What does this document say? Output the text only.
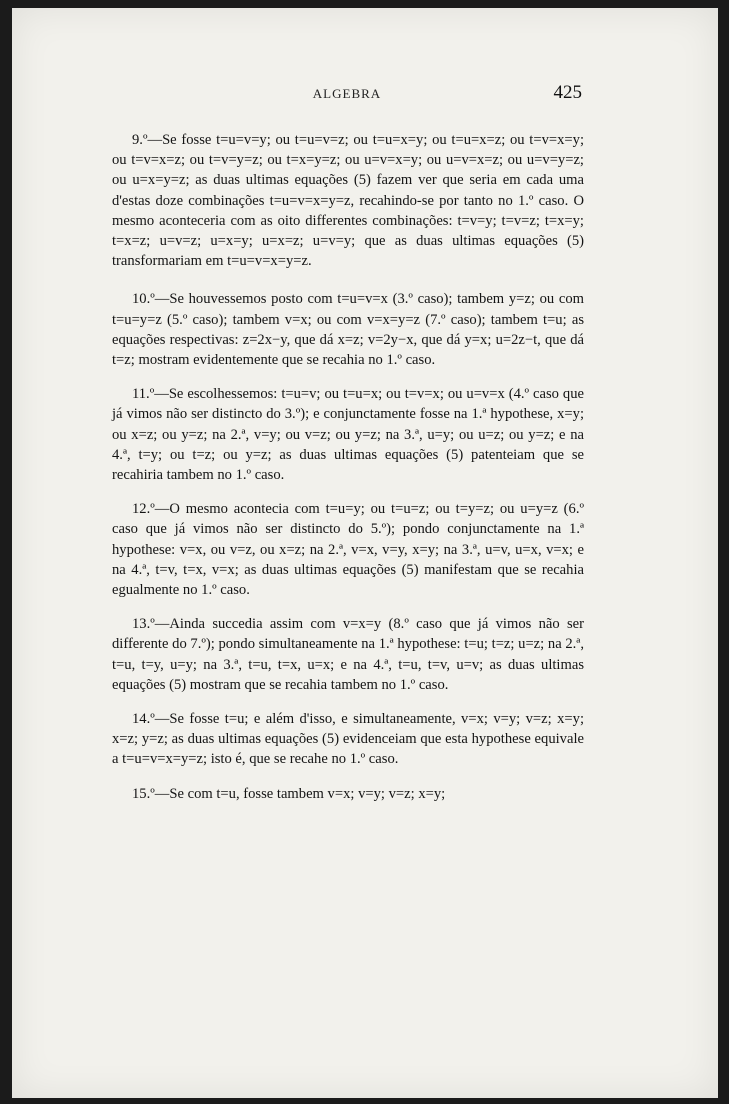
ALGEBRA	425

9.º—Se fosse t=u=v=y; ou t=u=v=z; ou t=u=x=y; ou t=u=x=z; ou t=v=x=y; ou t=v=x=z; ou t=v=y=z; ou t=x=y=z; ou u=v=x=y; ou u=v=x=z; ou u=v=y=z; ou u=x=y=z; as duas ultimas equações (5) fazem ver que seria em cada uma d'estas doze combinações t=u=v=x=y=z, recahindo-se por tanto no 1.º caso. O mesmo aconteceria com as oito differentes combinações: t=v=y; t=v=z; t=x=y; t=x=z; u=v=z; u=x=y; u=x=z; u=v=y; que as duas ultimas equações (5) transformariam em t=u=v=x=y=z.

10.º—Se houvessemos posto com t=u=v=x (3.º caso); tambem y=z; ou com t=u=y=z (5.º caso); tambem v=x; ou com v=x=y=z (7.º caso); tambem t=u; as equações respectivas: z=2x−y, que dá x=z; v=2y−x, que dá y=x; u=2z−t, que dá t=z; mostram evidentemente que se recahia no 1.º caso.

11.º—Se escolhessemos: t=u=v; ou t=u=x; ou t=v=x; ou u=v=x (4.º caso que já vimos não ser distincto do 3.º); e conjunctamente fosse na 1.ª hypothese, x=y; ou x=z; ou y=z; na 2.ª, v=y; ou v=z; ou y=z; na 3.ª, u=y; ou u=z; ou y=z; e na 4.ª, t=y; ou t=z; ou y=z; as duas ultimas equações (5) patenteiam que se recahiria tambem no 1.º caso.

12.º—O mesmo acontecia com t=u=y; ou t=u=z; ou t=y=z; ou u=y=z (6.º caso que já vimos não ser distincto do 5.º); pondo conjunctamente na 1.ª hypothese: v=x, ou v=z, ou x=z; na 2.ª, v=x, v=y, x=y; na 3.ª, u=v, u=x, v=x; e na 4.ª, t=v, t=x, v=x; as duas ultimas equações (5) manifestam que se recahia egualmente no 1.º caso.

13.º—Ainda succedia assim com v=x=y (8.º caso que já vimos não ser differente do 7.º); pondo simultaneamente na 1.ª hypothese: t=u; t=z; u=z; na 2.ª, t=u, t=y, u=y; na 3.ª, t=u, t=x, u=x; e na 4.ª, t=u, t=v, u=v; as duas ultimas equações (5) mostram que se recahia tambem no 1.º caso.

14.º—Se fosse t=u; e além d'isso, e simultaneamente, v=x; v=y; v=z; x=y; x=z; y=z; as duas ultimas equações (5) evidenceiam que esta hypothese equivale a t=u=v=x=y=z; isto é, que se recahe no 1.º caso.

15.º—Se com t=u, fosse tambem v=x; v=y; v=z; x=y;
